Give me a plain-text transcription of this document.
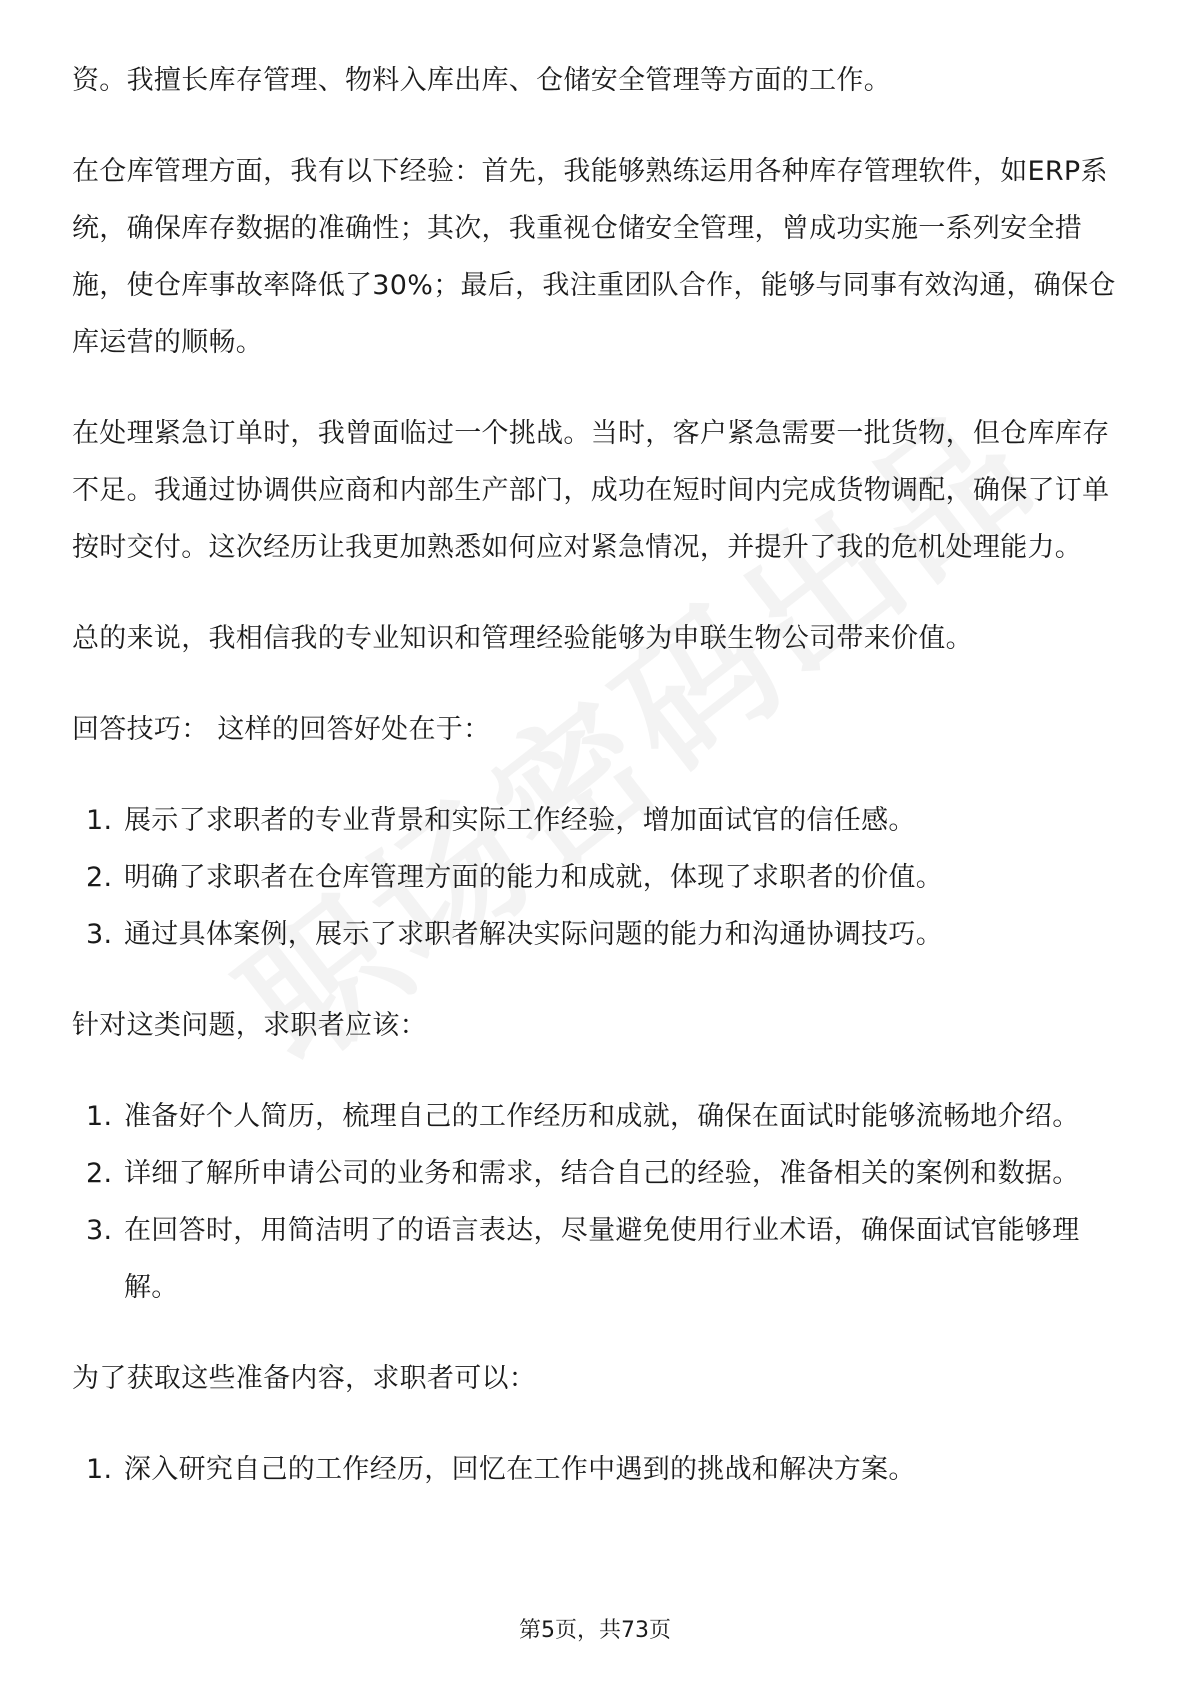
资。我擅长库存管理、物料入库出库、仓储安全管理等方面的工作。

在仓库管理方面，我有以下经验：首先，我能够熟练运用各种库存管理软件，如ERP系统，确保库存数据的准确性；其次，我重视仓储安全管理，曾成功实施一系列安全措施，使仓库事故率降低了30%；最后，我注重团队合作，能够与同事有效沟通，确保仓库运营的顺畅。

在处理紧急订单时，我曾面临过一个挑战。当时，客户紧急需要一批货物，但仓库库存不足。我通过协调供应商和内部生产部门，成功在短时间内完成货物调配，确保了订单按时交付。这次经历让我更加熟悉如何应对紧急情况，并提升了我的危机处理能力。

总的来说，我相信我的专业知识和管理经验能够为申联生物公司带来价值。

回答技巧： 这样的回答好处在于：

1. 展示了求职者的专业背景和实际工作经验，增加面试官的信任感。
2. 明确了求职者在仓库管理方面的能力和成就，体现了求职者的价值。
3. 通过具体案例，展示了求职者解决实际问题的能力和沟通协调技巧。

针对这类问题，求职者应该：

1. 准备好个人简历，梳理自己的工作经历和成就，确保在面试时能够流畅地介绍。
2. 详细了解所申请公司的业务和需求，结合自己的经验，准备相关的案例和数据。
3. 在回答时，用简洁明了的语言表达，尽量避免使用行业术语，确保面试官能够理解。

为了获取这些准备内容，求职者可以：

1. 深入研究自己的工作经历，回忆在工作中遇到的挑战和解决方案。
第5页，共73页
